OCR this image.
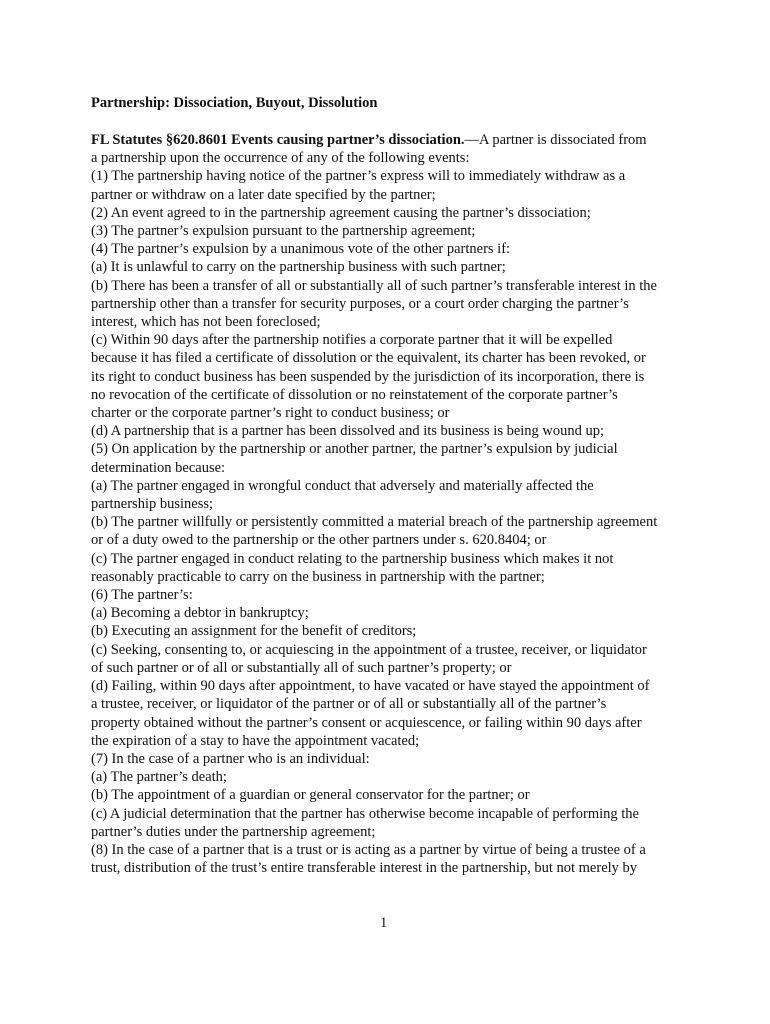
Partnership: Dissociation, Buyout, Dissolution
FL Statutes §620.8601 Events causing partner’s dissociation.—A partner is dissociated from
a partnership upon the occurrence of any of the following events:
(1) The partnership having notice of the partner’s express will to immediately withdraw as a
partner or withdraw on a later date specified by the partner;
(2) An event agreed to in the partnership agreement causing the partner’s dissociation;
(3) The partner’s expulsion pursuant to the partnership agreement;
(4) The partner’s expulsion by a unanimous vote of the other partners if:
(a) It is unlawful to carry on the partnership business with such partner;
(b) There has been a transfer of all or substantially all of such partner’s transferable interest in the
partnership other than a transfer for security purposes, or a court order charging the partner’s
interest, which has not been foreclosed;
(c) Within 90 days after the partnership notifies a corporate partner that it will be expelled
because it has filed a certificate of dissolution or the equivalent, its charter has been revoked, or
its right to conduct business has been suspended by the jurisdiction of its incorporation, there is
no revocation of the certificate of dissolution or no reinstatement of the corporate partner’s
charter or the corporate partner’s right to conduct business; or
(d) A partnership that is a partner has been dissolved and its business is being wound up;
(5) On application by the partnership or another partner, the partner’s expulsion by judicial
determination because:
(a) The partner engaged in wrongful conduct that adversely and materially affected the
partnership business;
(b) The partner willfully or persistently committed a material breach of the partnership agreement
or of a duty owed to the partnership or the other partners under s. 620.8404; or
(c) The partner engaged in conduct relating to the partnership business which makes it not
reasonably practicable to carry on the business in partnership with the partner;
(6) The partner’s:
(a) Becoming a debtor in bankruptcy;
(b) Executing an assignment for the benefit of creditors;
(c) Seeking, consenting to, or acquiescing in the appointment of a trustee, receiver, or liquidator
of such partner or of all or substantially all of such partner’s property; or
(d) Failing, within 90 days after appointment, to have vacated or have stayed the appointment of
a trustee, receiver, or liquidator of the partner or of all or substantially all of the partner’s
property obtained without the partner’s consent or acquiescence, or failing within 90 days after
the expiration of a stay to have the appointment vacated;
(7) In the case of a partner who is an individual:
(a) The partner’s death;
(b) The appointment of a guardian or general conservator for the partner; or
(c) A judicial determination that the partner has otherwise become incapable of performing the
partner’s duties under the partnership agreement;
(8) In the case of a partner that is a trust or is acting as a partner by virtue of being a trustee of a
trust, distribution of the trust’s entire transferable interest in the partnership, but not merely by
1
